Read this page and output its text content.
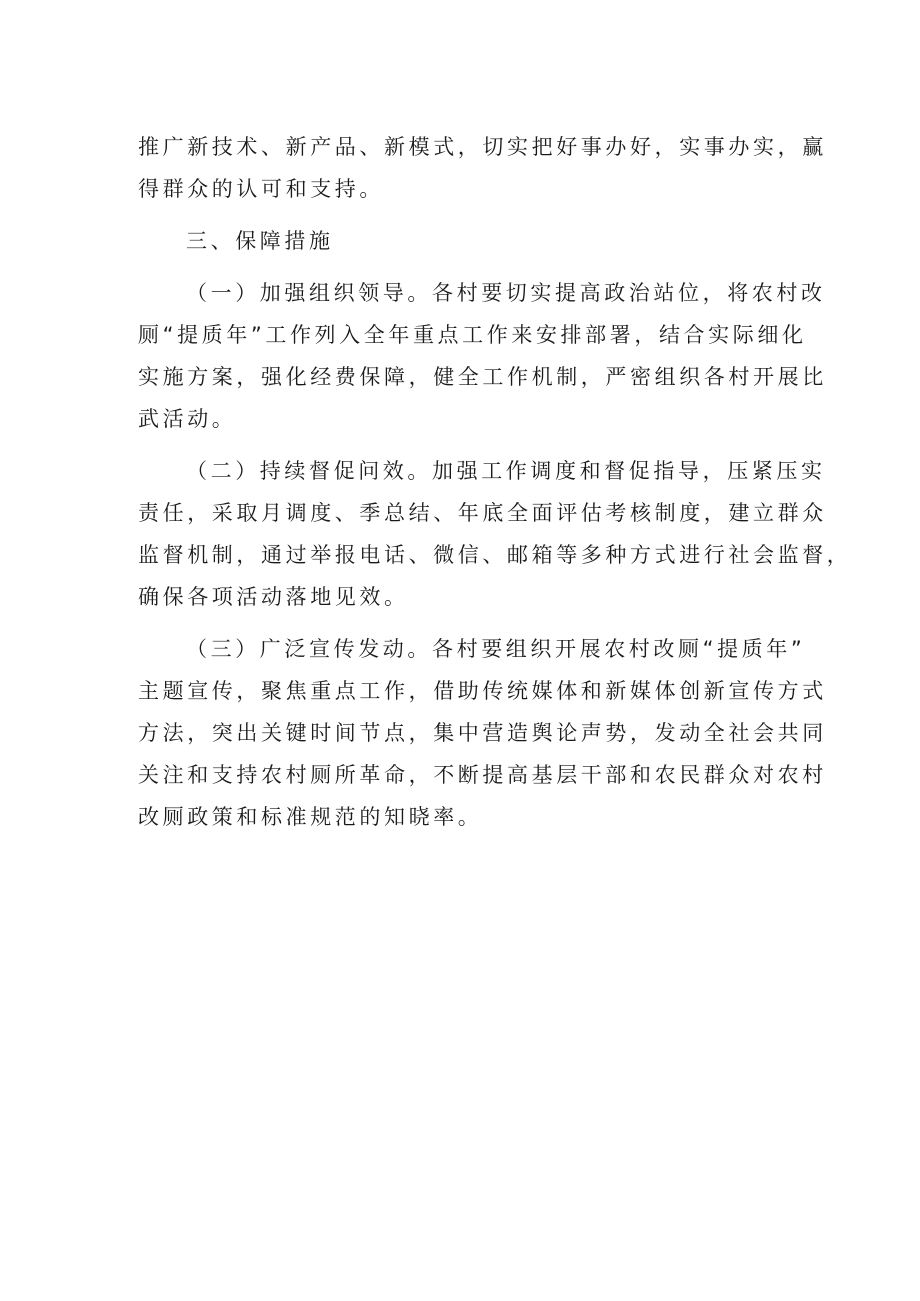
推广新技术、新产品、新模式，切实把好事办好，实事办实，赢
得群众的认可和支持。
三、保障措施
（一）加强组织领导。各村要切实提高政治站位，将农村改
厕“提质年”工作列入全年重点工作来安排部署，结合实际细化
实施方案，强化经费保障，健全工作机制，严密组织各村开展比
武活动。
（二）持续督促问效。加强工作调度和督促指导，压紧压实
责任，采取月调度、季总结、年底全面评估考核制度，建立群众
监督机制，通过举报电话、微信、邮箱等多种方式进行社会监督，
确保各项活动落地见效。
（三）广泛宣传发动。各村要组织开展农村改厕“提质年”
主题宣传，聚焦重点工作，借助传统媒体和新媒体创新宣传方式
方法，突出关键时间节点，集中营造舆论声势，发动全社会共同
关注和支持农村厕所革命，不断提高基层干部和农民群众对农村
改厕政策和标准规范的知晓率。
